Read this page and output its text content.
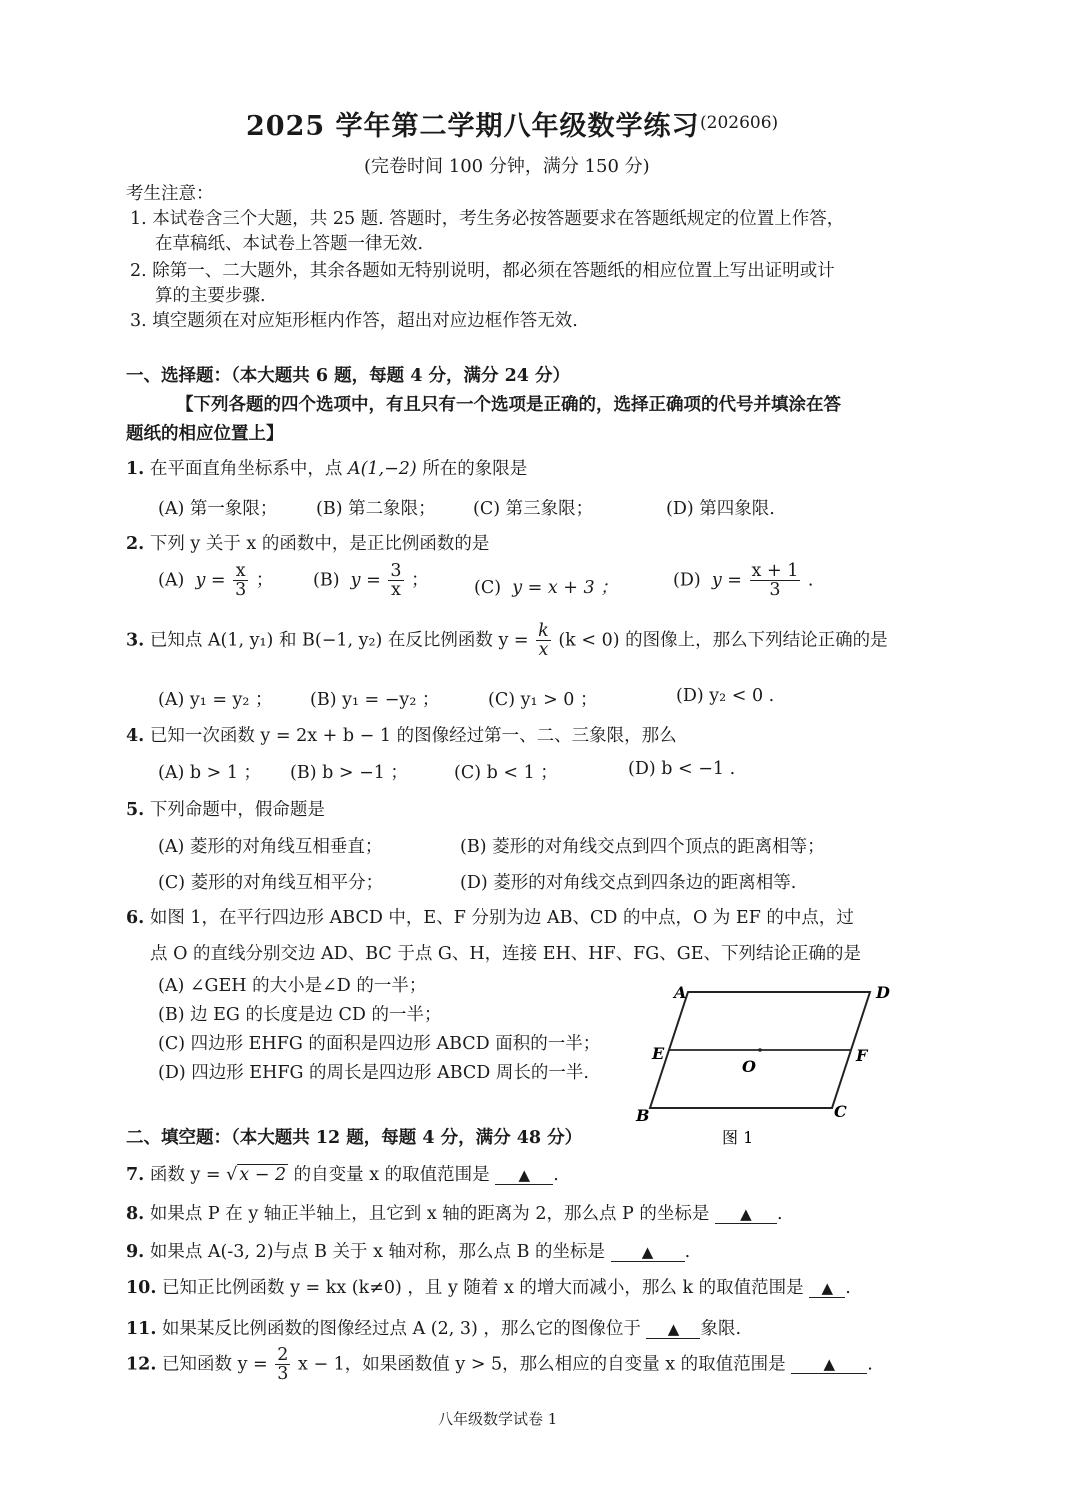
2025 学年第二学期八年级数学练习 (202606)
(完卷时间 100 分钟，满分 150 分)
考生注意：
1. 本试卷含三个大题，共 25 题. 答题时，考生务必按答题要求在答题纸规定的位置上作答，
在草稿纸、本试卷上答题一律无效.
2. 除第一、二大题外，其余各题如无特别说明，都必须在答题纸的相应位置上写出证明或计
算的主要步骤.
3. 填空题须在对应矩形框内作答，超出对应边框作答无效.
一、选择题：（本大题共 6 题，每题 4 分，满分 24 分）
【下列各题的四个选项中，有且只有一个选项是正确的，选择正确项的代号并填涂在答
题纸的相应位置上】
1. 在平面直角坐标系中，点 A(1,−2) 所在的象限是
(A) 第一象限； (B) 第二象限； (C) 第三象限；	(D) 第四象限.
2. 下列 y 关于 x 的函数中，是正比例函数的是
(A) $y = \frac{x}{3}$ ； (B) $y = \frac{3}{x}$ ；	(C) y = x + 3 ；	(D) $y = \frac{x + 1}{3}$ .
3. 已知点 A(1, y₁) 和 B(−1, y₂) 在反比例函数 $y = \frac{k}{x} (k < 0)$ 的图像上，那么下列结论正确的是
(A) y₁ = y₂ ； (B) y₁ = −y₂ ；	(C) y₁ > 0 ；	(D) y₂ < 0 .
4. 已知一次函数 y = 2x + b − 1 的图像经过第一、二、三象限，那么
(A) b > 1 ； (B) b > −1 ；	(C) b < 1 ；	(D) b < −1 .
5. 下列命题中，假命题是
(A) 菱形的对角线互相垂直；	(B) 菱形的对角线交点到四个顶点的距离相等；
(C) 菱形的对角线互相平分；	(D) 菱形的对角线交点到四条边的距离相等.
6. 如图 1，在平行四边形 ABCD 中，E、F 分别为边 AB、CD 的中点，O 为 EF 的中点，过
点 O 的直线分别交边 AD、BC 于点 G、H，连接 EH、HF、FG、GE、下列结论正确的是
(A) ∠GEH 的大小是∠D 的一半；
(B) 边 EG 的长度是边 CD 的一半；
(C) 四边形 EHFG 的面积是四边形 ABCD 面积的一半；
(D) 四边形 EHFG 的周长是四边形 ABCD 周长的一半.
A	D
E
O
F
B	C
图 1
二、填空题：（本大题共 12 题，每题 4 分，满分 48 分）
7. 函数 y = √ x − 2 的自变量 x 的取值范围是 ▲ .
8. 如果点 P 在 y 轴正半轴上，且它到 x 轴的距离为 2，那么点 P 的坐标是 ▲ .
9. 如果点 A(-3, 2)与点 B 关于 x 轴对称，那么点 B 的坐标是 ▲ .
10. 已知正比例函数 y = kx (k≠0) ，且 y 随着 x 的增大而减小，那么 k 的取值范围是 ▲ .
11. 如果某反比例函数的图像经过点 A (2, 3) ，那么它的图像位于 ▲ 象限.
12. 已知函数 $y = \frac{2}{3}$ x − 1，如果函数值 y > 5，那么相应的自变量 x 的取值范围是	▲ .
八年级数学试卷 1
